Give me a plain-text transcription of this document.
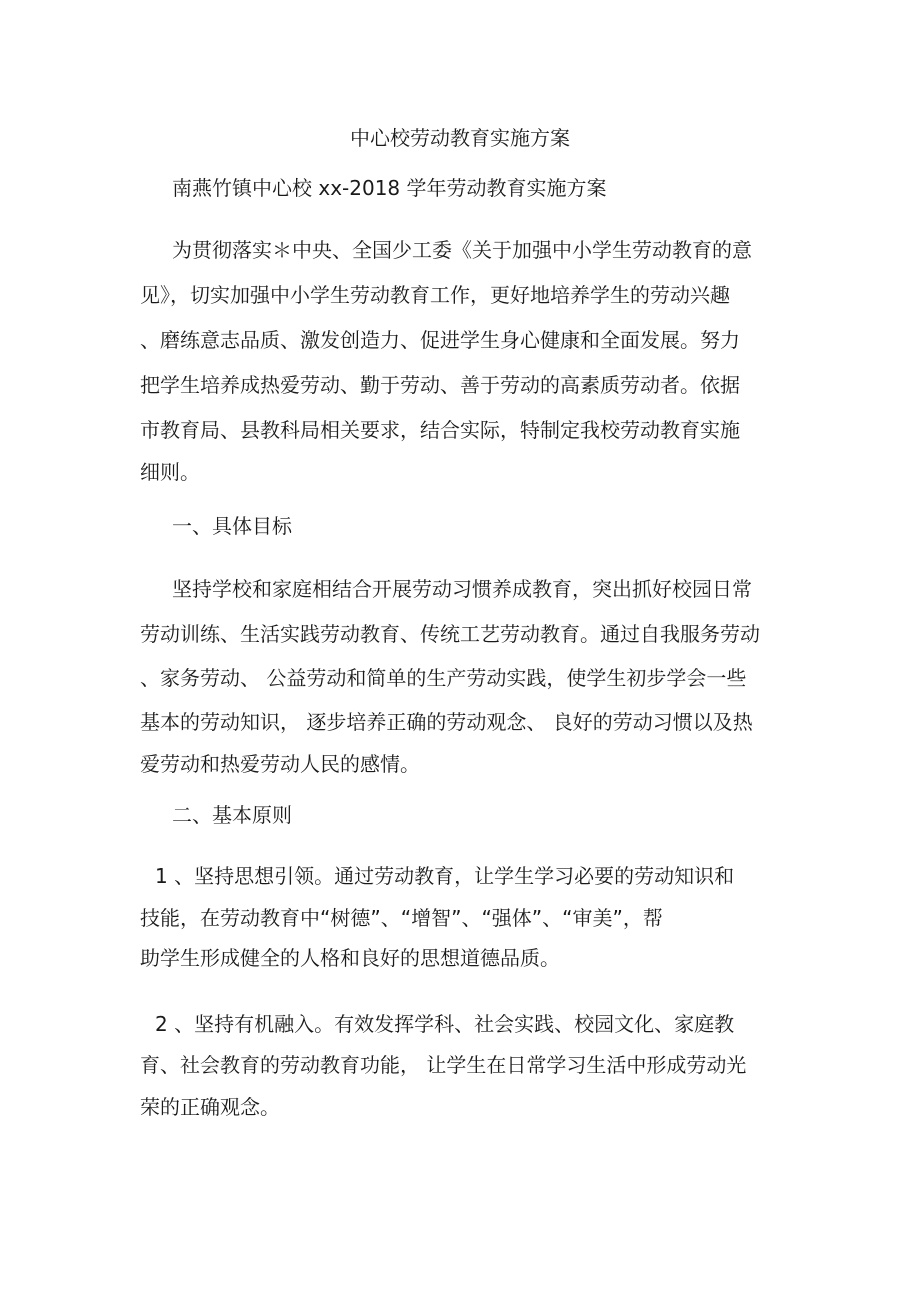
中心校劳动教育实施方案
南燕竹镇中心校 xx-2018 学年劳动教育实施方案
为贯彻落实＊中央、全国少工委《关于加强中小学生劳动教育的意
见》，切实加强中小学生劳动教育工作，更好地培养学生的劳动兴趣
、磨练意志品质、激发创造力、促进学生身心健康和全面发展。努力
把学生培养成热爱劳动、勤于劳动、善于劳动的高素质劳动者。依据
市教育局、县教科局相关要求，结合实际，特制定我校劳动教育实施
细则。
一、具体目标
坚持学校和家庭相结合开展劳动习惯养成教育，突出抓好校园日常
劳动训练、生活实践劳动教育、传统工艺劳动教育。通过自我服务劳动
、家务劳动、 公益劳动和简单的生产劳动实践，使学生初步学会一些
基本的劳动知识， 逐步培养正确的劳动观念、 良好的劳动习惯以及热
爱劳动和热爱劳动人民的感情。
二、基本原则
1 、坚持思想引领。通过劳动教育，让学生学习必要的劳动知识和
技能，在劳动教育中“树德”、“增智”、“强体”、“审美”，帮
助学生形成健全的人格和良好的思想道德品质。
2 、坚持有机融入。有效发挥学科、社会实践、校园文化、家庭教
育、社会教育的劳动教育功能， 让学生在日常学习生活中形成劳动光
荣的正确观念。
